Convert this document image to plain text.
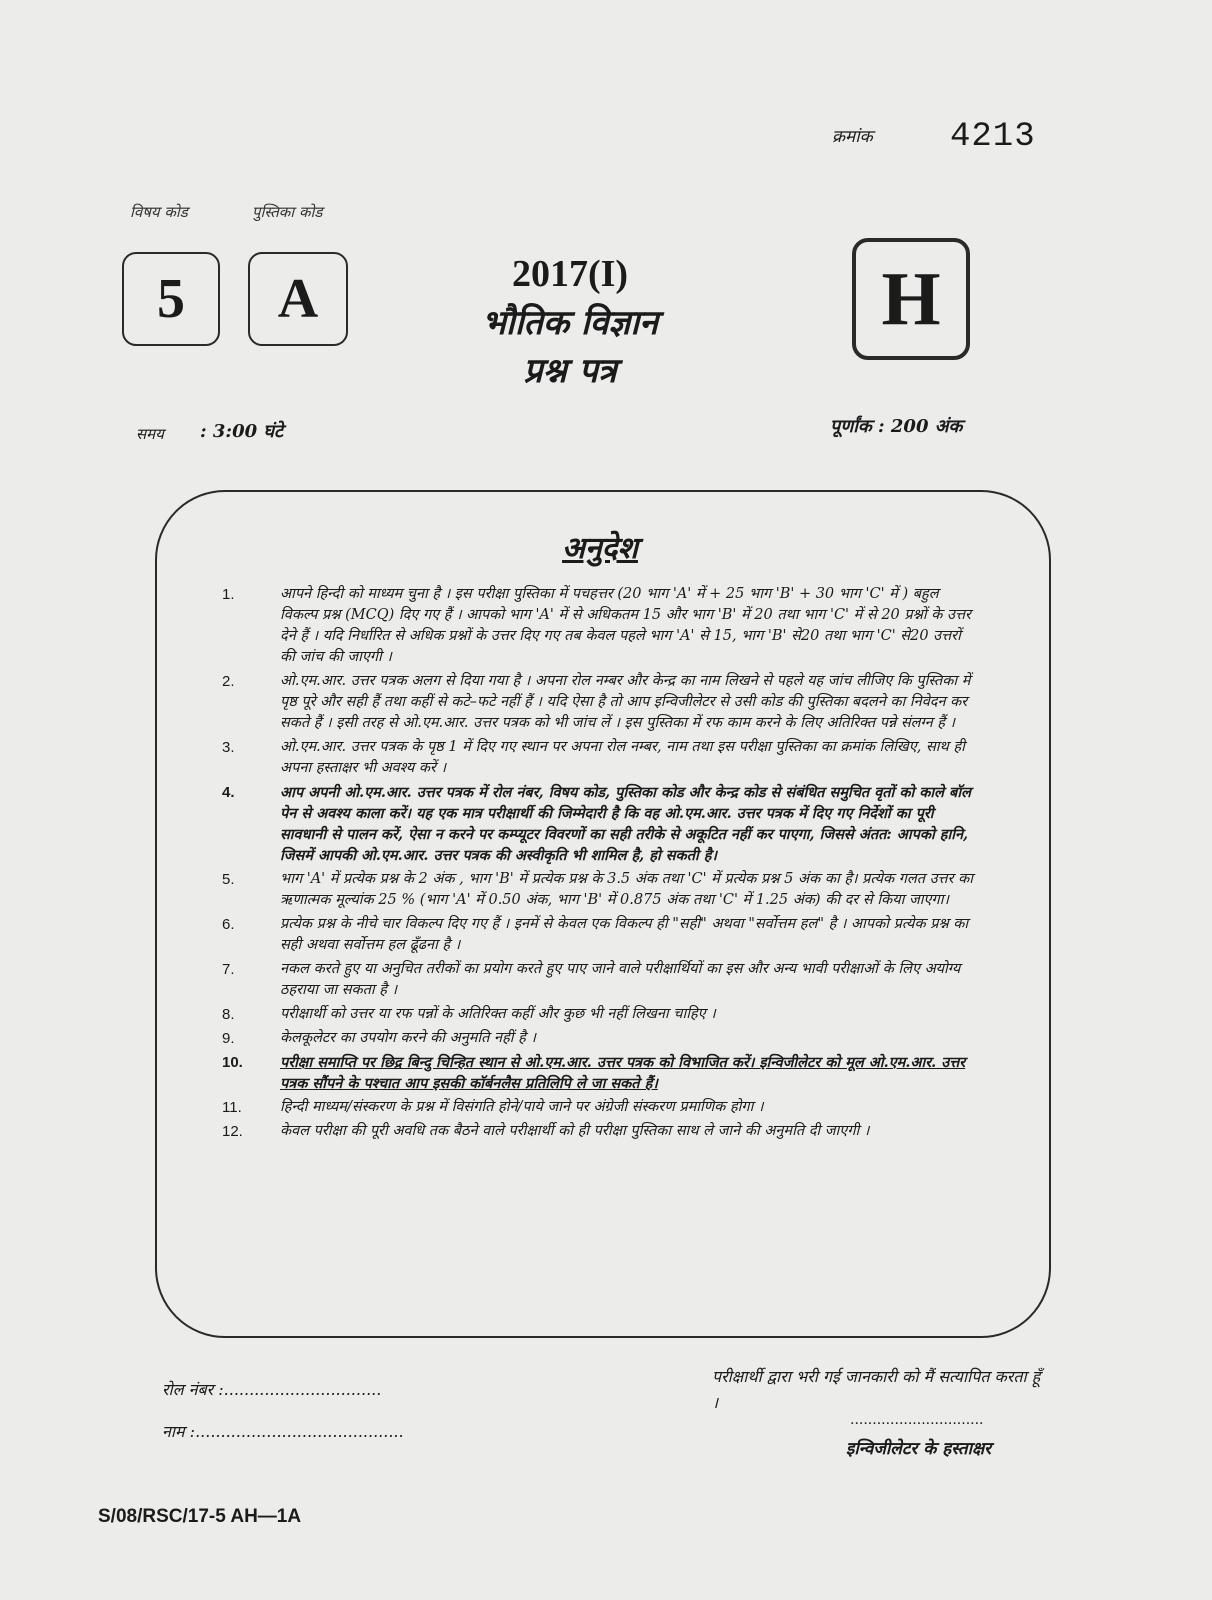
क्रमांक 4213
विषय कोड	पुस्तिका कोड
5	A	2017(I)
भौतिक विज्ञान
प्रश्न पत्र
H
समय : 3:00 घंटे	पूर्णांक : 200 अंक
अनुदेश
1.	आपने हिन्दी को माध्यम चुना है । इस परीक्षा पुस्तिका में पचहत्तर (20 भाग 'A' में + 25 भाग 'B' + 30 भाग 'C' में ) बहुल विकल्प प्रश्न (MCQ) दिए गए हैं । आपको भाग 'A' में से अधिकतम 15 और भाग 'B' में 20 तथा भाग 'C' में से 20 प्रश्नों के उत्तर देने हैं । यदि निर्धारित से अधिक प्रश्नों के उत्तर दिए गए तब केवल पहले भाग 'A' से 15, भाग 'B' से20 तथा भाग 'C' से20 उत्तरों की जांच की जाएगी ।
2.	ओ.एम.आर. उत्तर पत्रक अलग से दिया गया है । अपना रोल नम्बर और केन्द्र का नाम लिखने से पहले यह जांच लीजिए कि पुस्तिका में पृष्ठ पूरे और सही हैं तथा कहीं से कटे–फटे नहीं हैं । यदि ऐसा है तो आप इन्विजीलेटर से उसी कोड की पुस्तिका बदलने का निवेदन कर सकते हैं । इसी तरह से ओ.एम.आर. उत्तर पत्रक को भी जांच लें । इस पुस्तिका में रफ काम करने के लिए अतिरिक्त पन्ने संलग्न हैं ।
3.	ओ.एम.आर. उत्तर पत्रक के पृष्ठ 1 में दिए गए स्थान पर अपना रोल नम्बर, नाम तथा इस परीक्षा पुस्तिका का क्रमांक लिखिए, साथ ही अपना हस्ताक्षर भी अवश्य करें ।
4.	आप अपनी ओ.एम.आर. उत्तर पत्रक में रोल नंबर, विषय कोड, पुस्तिका कोड और केन्द्र कोड से संबंधित समुचित वृतों को काले बॉल पेन से अवश्य काला करें। यह एक मात्र परीक्षार्थी की जिम्मेदारी है कि वह ओ.एम.आर. उत्तर पत्रक में दिए गए निर्देशों का पूरी सावधानी से पालन करें, ऐसा न करने पर कम्प्यूटर विवरणों का सही तरीके से अकूटित नहीं कर पाएगा, जिससे अंतत: आपको हानि, जिसमें आपकी ओ.एम.आर. उत्तर पत्रक की अस्वीकृति भी शामिल है, हो सकती है।
5.	भाग 'A' में प्रत्येक प्रश्न के 2 अंक , भाग 'B' में प्रत्येक प्रश्न के 3.5 अंक तथा 'C' में प्रत्येक प्रश्न 5 अंक का है। प्रत्येक गलत उत्तर का ऋणात्मक मूल्यांक 25 % (भाग 'A' में 0.50 अंक, भाग 'B' में 0.875 अंक तथा 'C' में 1.25 अंक) की दर से किया जाएगा।
6.	प्रत्येक प्रश्न के नीचे चार विकल्प दिए गए हैं । इनमें से केवल एक विकल्प ही "सही" अथवा "सर्वोत्तम हल" है । आपको प्रत्येक प्रश्न का सही अथवा सर्वोत्तम हल ढूँढना है ।
7.	नकल करते हुए या अनुचित तरीकों का प्रयोग करते हुए पाए जाने वाले परीक्षार्थियों का इस और अन्य भावी परीक्षाओं के लिए अयोग्य ठहराया जा सकता है ।
8.	परीक्षार्थी को उत्तर या रफ पन्नों के अतिरिक्त कहीं और कुछ भी नहीं लिखना चाहिए ।
9.	केलकूलेटर का उपयोग करने की अनुमति नहीं है ।
10.	परीक्षा समाप्ति पर छिद्र बिन्दु चिन्हित स्थान से ओ.एम.आर. उत्तर पत्रक को विभाजित करें। इन्विजीलेटर को मूल ओ.एम.आर. उत्तर पत्रक सौंपने के पश्चात आप इसकी कॉर्बनलैस प्रतिलिपि ले जा सकते हैं।
11.	हिन्दी माध्यम/संस्करण के प्रश्न में विसंगति होने/पाये जाने पर अंग्रेजी संस्करण प्रमाणिक होगा ।
12.	केवल परीक्षा की पूरी अवधि तक बैठने वाले परीक्षार्थी को ही परीक्षा पुस्तिका साथ ले जाने की अनुमति दी जाएगी ।
रोल नंबर :...............................
नाम :.........................................
परीक्षार्थी द्वारा भरी गई जानकारी को मैं सत्यापित करता हूँ ।
..............................
इन्विजीलेटर के हस्ताक्षर
S/08/RSC/17-5 AH—1A
